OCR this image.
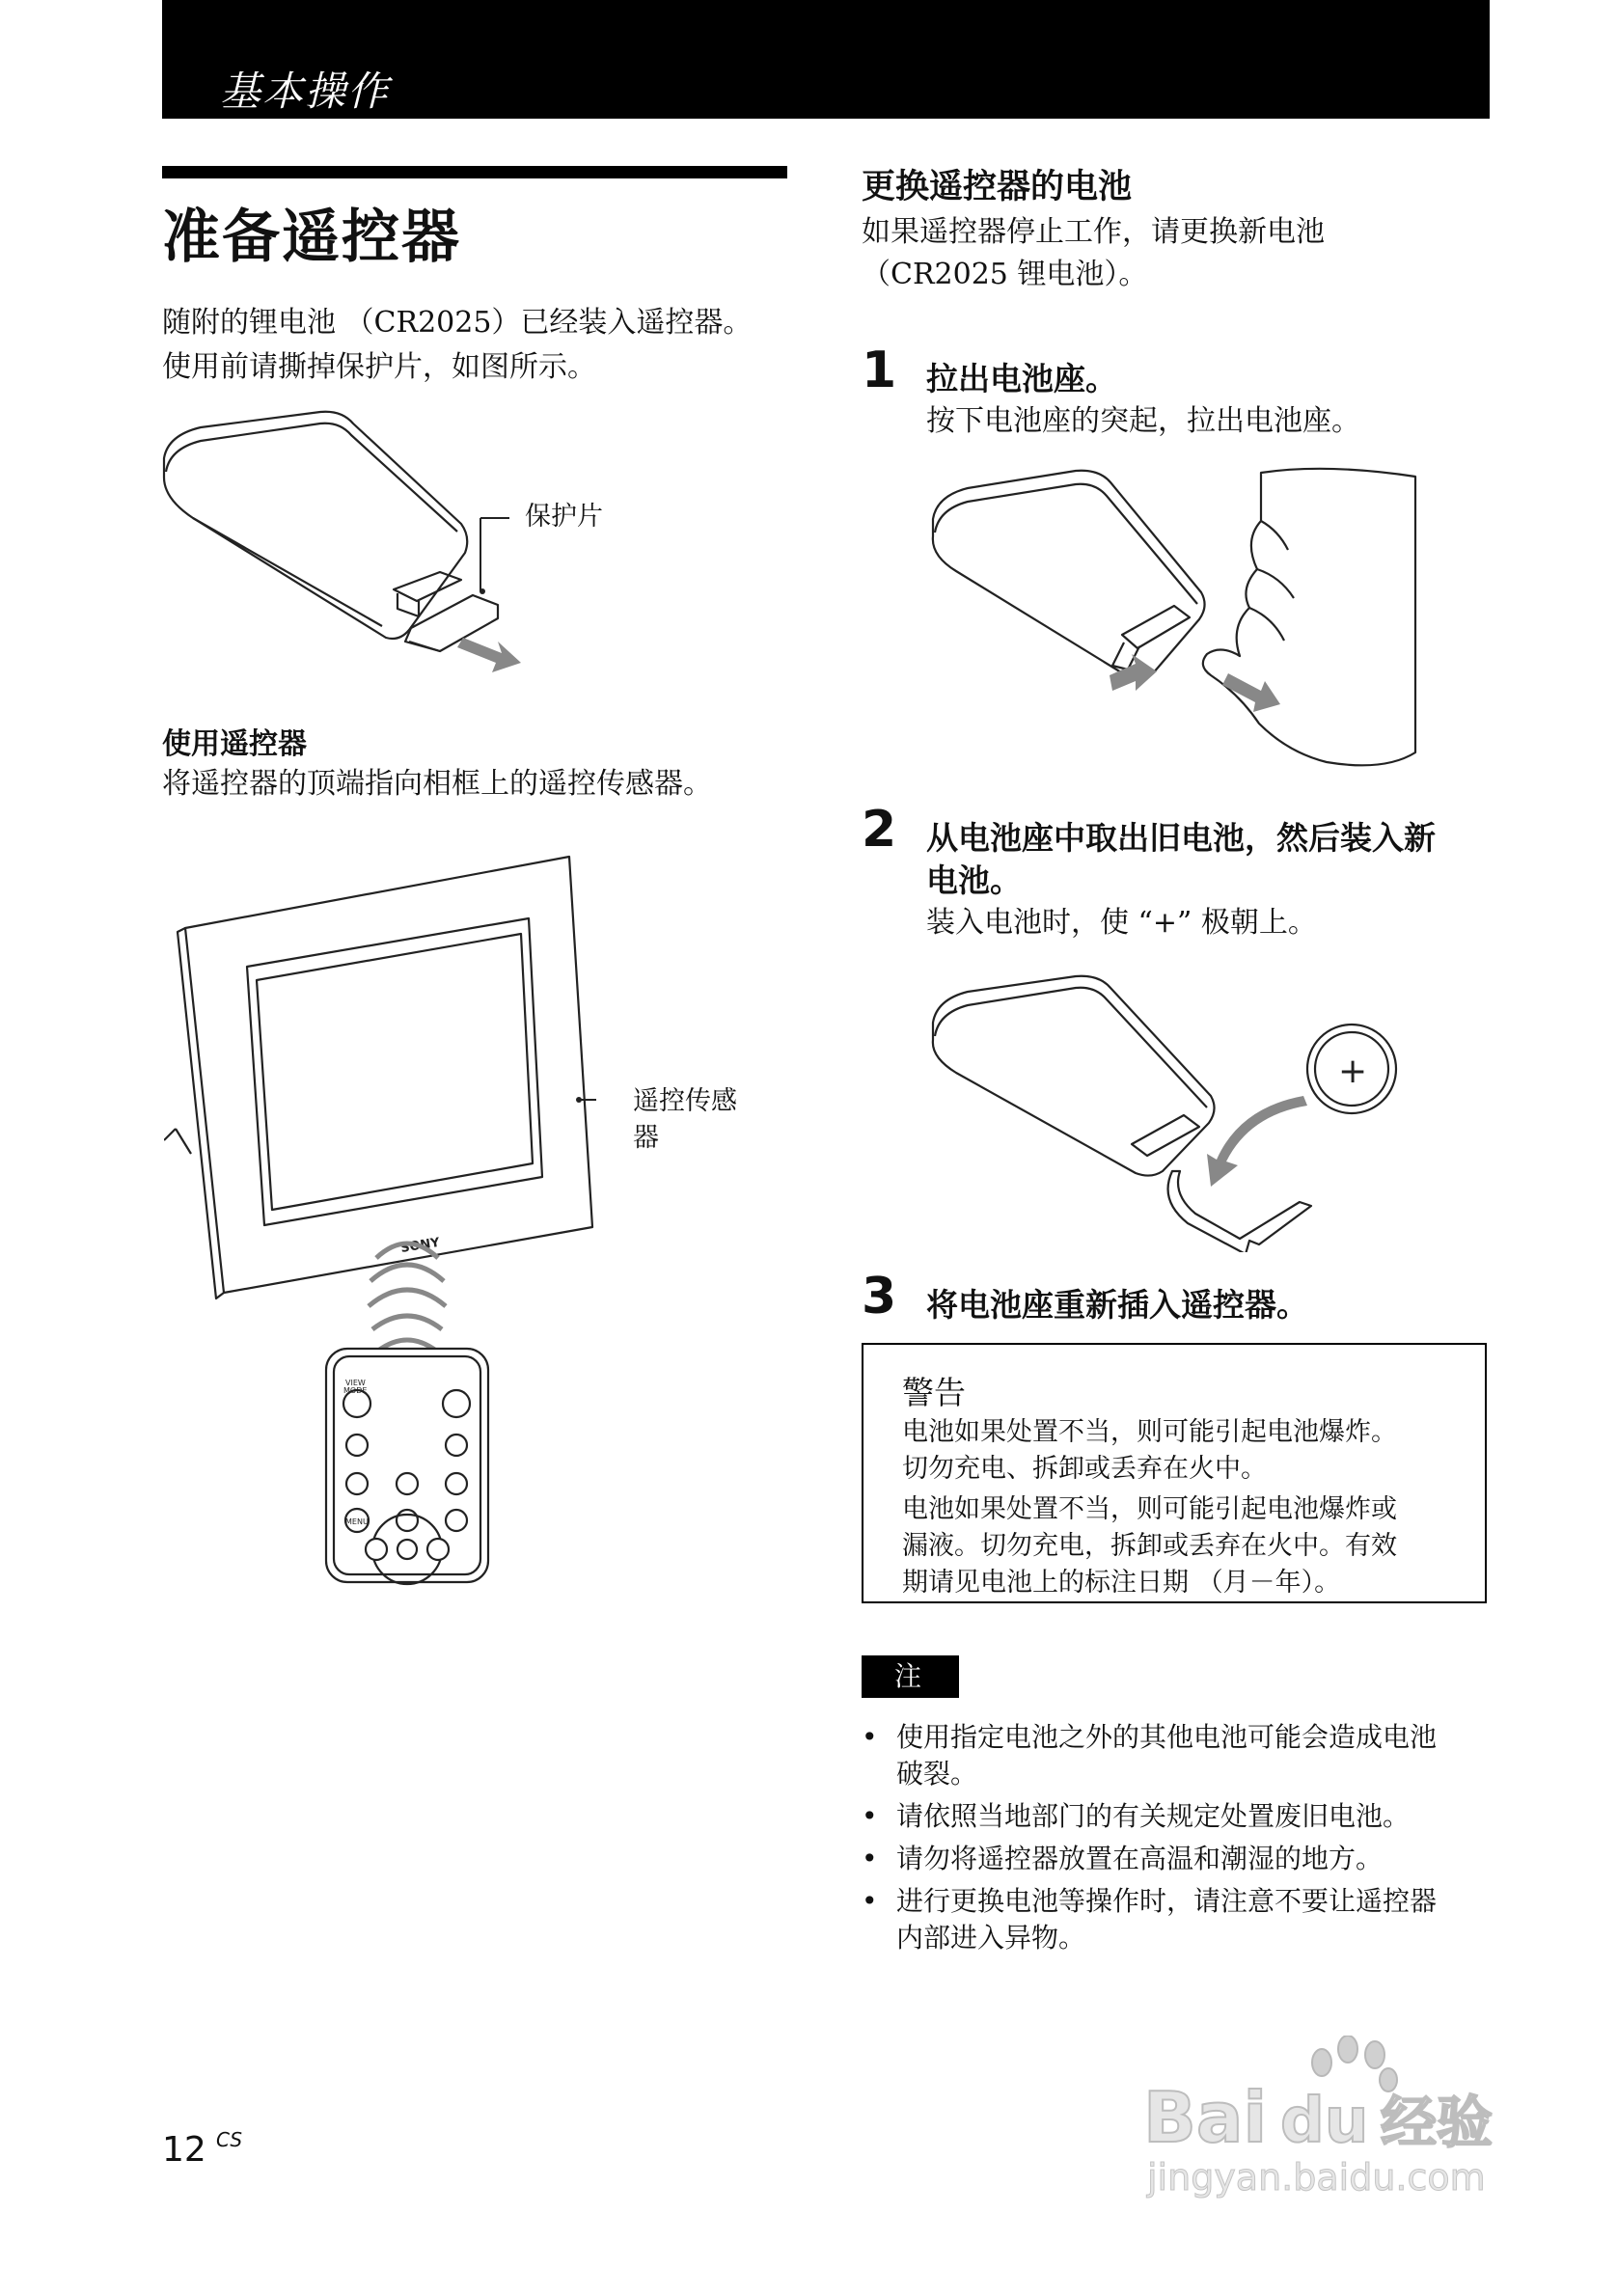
基本操作
准备遥控器
随附的锂电池 （CR2025）已经装入遥控器。
使用前请撕掉保护片，如图所示。
保护片
使用遥控器
将遥控器的顶端指向相框上的遥控传感器。
SONY
VIEW
MODE
MENU
遥控传感
器
更换遥控器的电池
如果遥控器停止工作，请更换新电池
（CR2025 锂电池）。
1 拉出电池座。
按下电池座的突起，拉出电池座。
2 从电池座中取出旧电池，然后装入新
电池。
装入电池时，使 “+” 极朝上。
+
3 将电池座重新插入遥控器。
警告
电池如果处置不当，则可能引起电池爆炸。
切勿充电、拆卸或丢弃在火中。
电池如果处置不当，则可能引起电池爆炸或
漏液。切勿充电，拆卸或丢弃在火中。有效
期请见电池上的标注日期 （月－年）。
注
• 使用指定电池之外的其他电池可能会造成电池
破裂。
• 请依照当地部门的有关规定处置废旧电池。
• 请勿将遥控器放置在高温和潮湿的地方。
• 进行更换电池等操作时，请注意不要让遥控器
内部进入异物。
12 CS	Bai du 经验
jingyan.baidu.com
